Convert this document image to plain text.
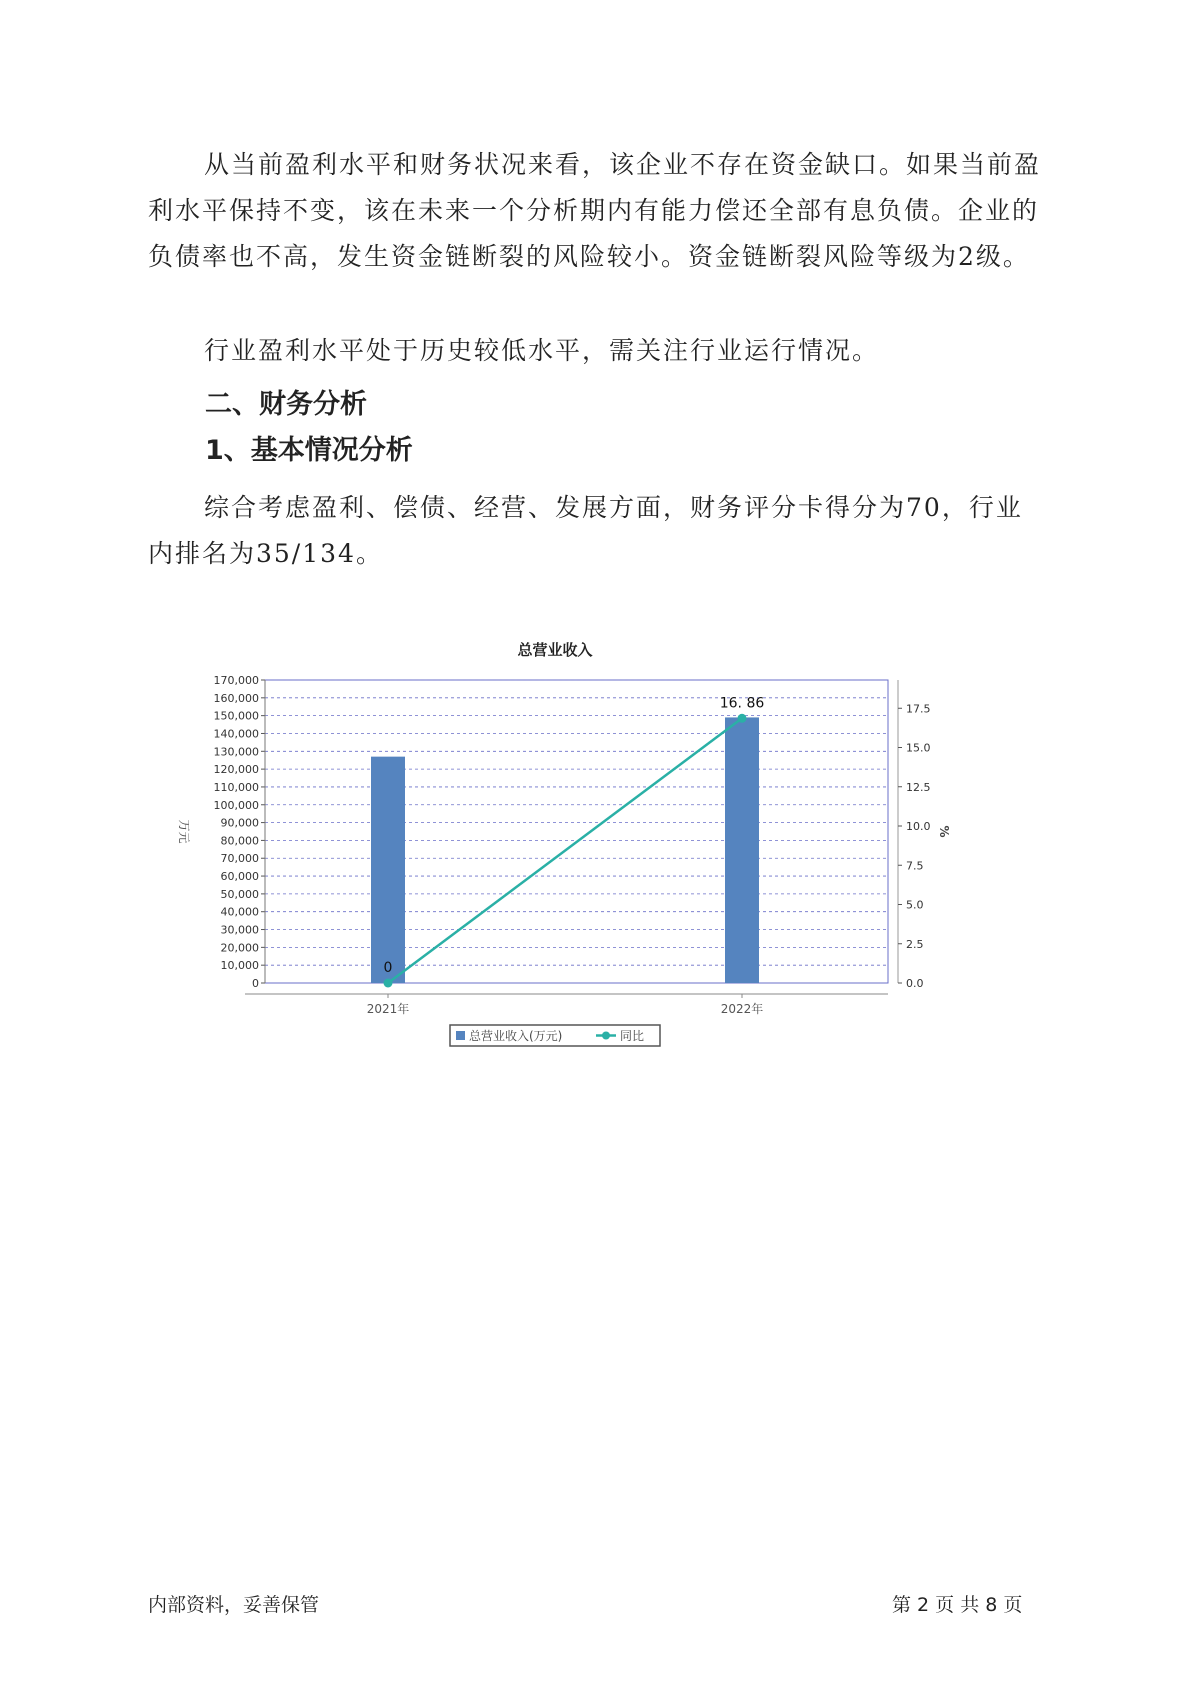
从当前盈利水平和财务状况来看，该企业不存在资金缺口。如果当前盈利水平保持不变，该在未来一个分析期内有能力偿还全部有息负债。企业的负债率也不高，发生资金链断裂的风险较小。资金链断裂风险等级为2级。

行业盈利水平处于历史较低水平，需关注行业运行情况。

二、财务分析
1、基本情况分析

综合考虑盈利、偿债、经营、发展方面，财务评分卡得分为70，行业内排名为35/134。

总营业收入
0
10,000
20,000
30,000
40,000
50,000
60,000
70,000
80,000
90,000
100,000
110,000
120,000
130,000
140,000
150,000
160,000
170,000
0.0
2.5
5.0
7.5
10.0
12.5
15.0
17.5
2021年	2022年
万元	%
0
16. 86
总营业收入(万元)	同比
内部资料，妥善保管	第 2 页 共 8 页
